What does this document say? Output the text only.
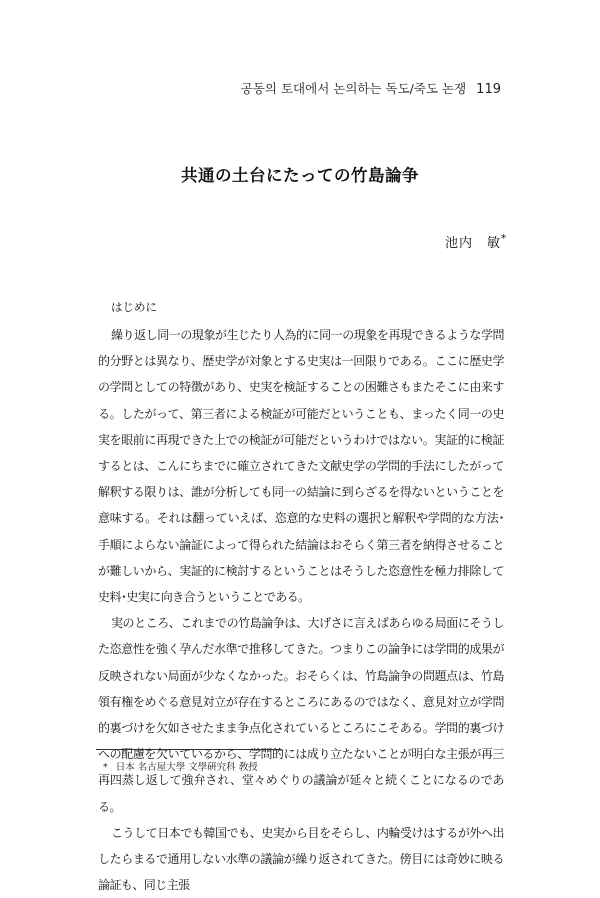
공동의 토대에서 논의하는 독도/죽도 논쟁 119
共通の土台にたっての竹島論争
池内　敏*
はじめに

繰り返し同一の現象が生じたり人為的に同一の現象を再現できるような学問的分野とは異なり、歴史学が対象とする史実は一回限りである。ここに歴史学の学問としての特徴があり、史実を検証することの困難さもまたそこに由来する。したがって、第三者による検証が可能だということも、まったく同一の史実を眼前に再現できた上での検証が可能だというわけではない。実証的に検証するとは、こんにちまでに確立されてきた文献史学の学問的手法にしたがって解釈する限りは、誰が分析しても同一の結論に到らざるを得ないということを意味する。それは翻っていえば、恣意的な史料の選択と解釈や学問的な方法･手順によらない論証によって得られた結論はおそらく第三者を納得させることが難しいから、実証的に検討するということはそうした恣意性を極力排除して史料･史実に向き合うということである。

実のところ、これまでの竹島論争は、大げさに言えばあらゆる局面にそうした恣意性を強く孕んだ水準で推移してきた。つまりこの論争には学問的成果が反映されない局面が少なくなかった。おそらくは、竹島論争の問題点は、竹島領有権をめぐる意見対立が存在するところにあるのではなく、意見対立が学問的裏づけを欠如させたまま争点化されているところにこそある。学問的裏づけへの配慮を欠いているから、学問的には成り立たないことが明白な主張が再三再四蒸し返して強弁され、堂々めぐりの議論が延々と続くことになるのである。

こうして日本でも韓国でも、史実から目をそらし、内輪受けはするが外へ出したらまるで通用しない水準の議論が繰り返されてきた。傍目には奇妙に映る論証も、同じ主張

* 日本 名古屋大學 文學硏究科 敎授
